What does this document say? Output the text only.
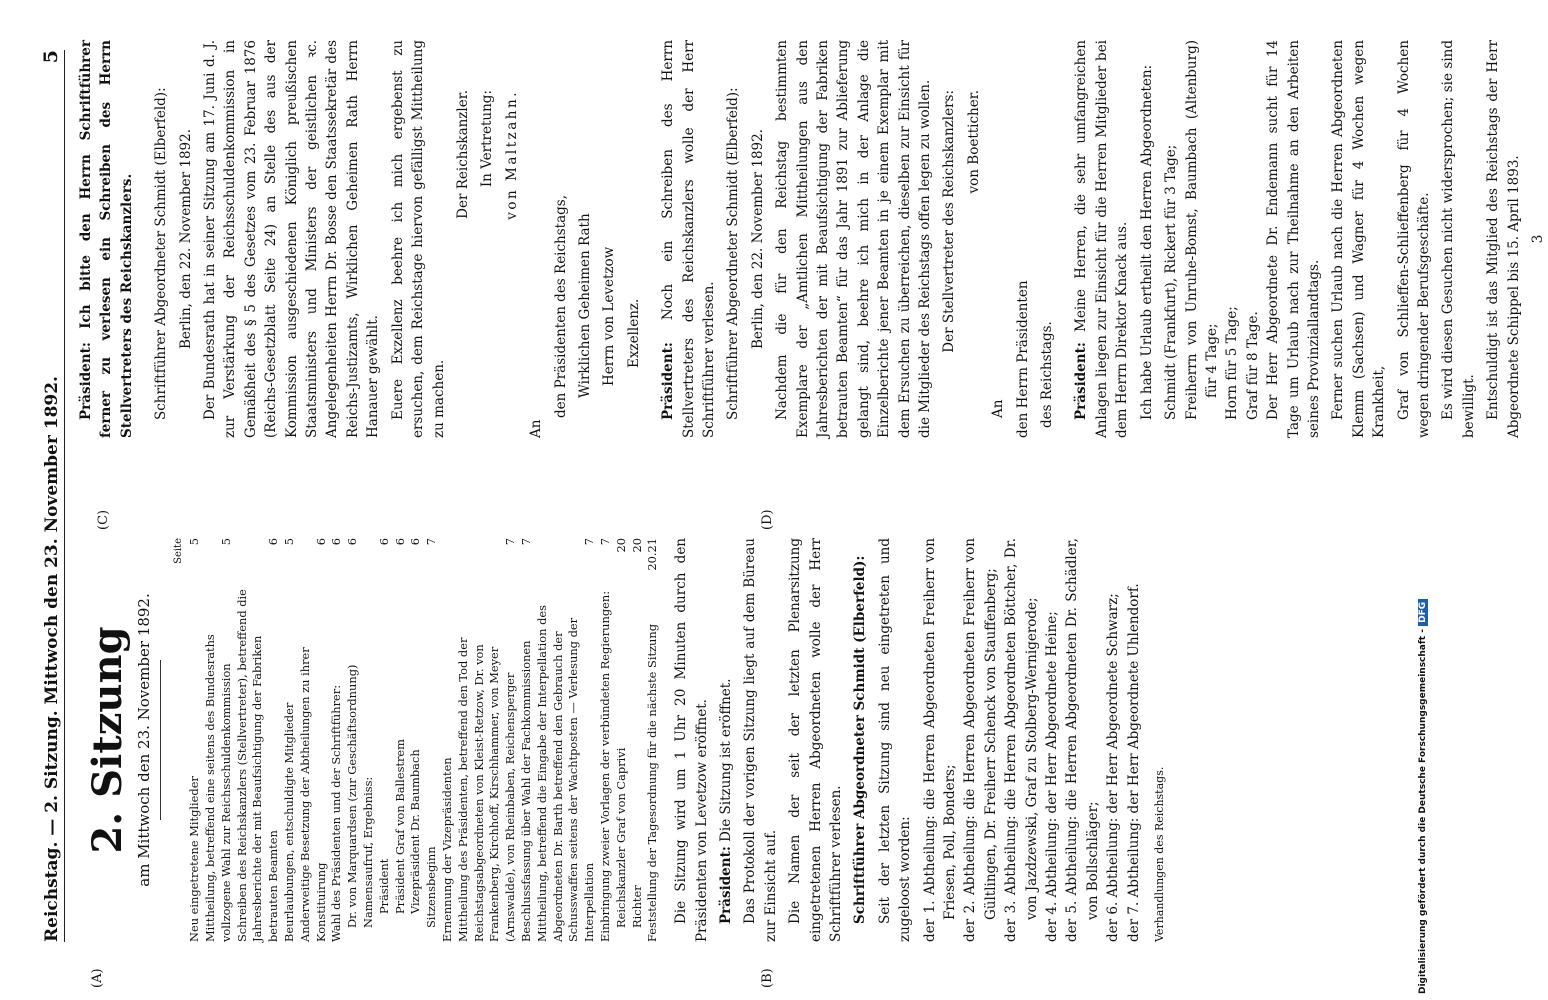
Reichstag. — 2. Sitzung. Mittwoch den 23. November 1892.
5
(A)	(B)
(C)	(D)
2. Sitzung am Mittwoch den 23. November 1892.
Seite
Neu eingetretene Mitglieder
5
Mittheilung, betreffend eine seitens des Bundesraths vollzogene Wahl zur Reichsschuldenkommission
5
Schreiben des Reichskanzlers (Stellvertreter), betreffend die Jahresberichte der mit Beaufsichtigung der Fabriken betrauten Beamten
6
Beurlaubungen, entschuldigte Mitglieder
5
Anderweitige Besetzung der Abtheilungen zu ihrer Konstituirung
6
Wahl des Präsidenten und der Schriftführer:
6
Dr. von Marquardsen (zur Geschäftsordnung)
6
Namensaufruf, Ergebniss: Präsident
6
Präsident Graf von Ballestrem
6
Vizepräsident Dr. Baumbach
6
Sitzensbeginn
7
Ernennung der Vizepräsidenten Mittheilung des Präsidenten, betreffend den Tod der Reichstagsabgeordneten von Kleist-Retzow, Dr. von Frankenberg, Kirchhoff, Kirschhammer, von Meyer (Arnswalde), von Rheinbaben, Reichensperger
7
Beschlussfassung über Wahl der Fachkommissionen
7
Mittheilung, betreffend die Eingabe der Interpellation des Abgeordneten Dr. Barth betreffend den Gebrauch der Schusswaffen seitens der Wachtposten — Verlesung der Interpellation
7
Einbringung zweier Vorlagen der verbündeten Regierungen:
7
Reichskanzler Graf von Caprivi
20
Richter
20
Feststellung der Tagesordnung für die nächste Sitzung
20.21 Die Sitzung wird um 1 Uhr 20 Minuten durch den Präsidenten von Levetzow eröffnet. Präsident: Die Sitzung ist eröffnet. Das Protokoll der vorigen Sitzung liegt auf dem Büreau zur Einsicht auf. Die Namen der seit der letzten Plenarsitzung eingetretenen Herren Abgeordneten wolle der Herr Schriftführer verlesen. Schriftführer Abgeordneter Schmidt (Elberfeld): Seit der letzten Sitzung sind neu eingetreten und zugeloost worden: der 1. Abtheilung: die Herren Abgeordneten Freiherr von Friesen, Poll, Bonders; der 2. Abtheilung: die Herren Abgeordneten Freiherr von Gültlingen, Dr. Freiherr Schenck von Stauffenberg; der 3. Abtheilung: die Herren Abgeordneten Böttcher, Dr. von Jazdzewski, Graf zu Stolberg-Wernigerode; der 4. Abtheilung: der Herr Abgeordnete Heine; der 5. Abtheilung: die Herren Abgeordneten Dr. Schädler, von Bollschläger; der 6. Abtheilung: der Herr Abgeordnete Schwarz; der 7. Abtheilung: der Herr Abgeordnete Uhlendorf. Verhandlungen des Reichstags.

Präsident: Ich bitte den Herrn Schriftführer ferner zu verlesen ein Schreiben des Herrn Stellvertreters des Reichskanzlers. Schriftführer Abgeordneter Schmidt (Elberfeld): Berlin, den 22. November 1892. Der Bundesrath hat in seiner Sitzung am 17. Juni d. J. zur Verstärkung der Reichsschuldenkommission in Gemäßheit des § 5 des Gesetzes vom 23. Februar 1876 (Reichs-Gesetzblatt Seite 24) an Stelle des aus der Kommission ausgeschiedenen Königlich preußischen Staatsministers und Ministers der geistlichen ꝛc. Angelegenheiten Herrn Dr. Bosse den Staatssekretär des Reichs-Justizamts, Wirklichen Geheimen Rath Herrn Hanauer gewählt. Euere Exzellenz beehre ich mich ergebenst zu ersuchen, dem Reichstage hiervon gefälligst Mittheilung zu machen.

Der Reichskanzler. In Vertretung: von Maltzahn.

An

den Präsidenten des Reichstags, Wirklichen Geheimen Rath Herrn von Levetzow Exzellenz.

Präsident: Noch ein Schreiben des Herrn Stellvertreters des Reichskanzlers wolle der Herr Schriftführer verlesen. Schriftführer Abgeordneter Schmidt (Elberfeld): Berlin, den 22. November 1892. Nachdem die für den Reichstag bestimmten Exemplare der „Amtlichen Mittheilungen aus den Jahresberichten der mit Beaufsichtigung der Fabriken betrauten Beamten“ für das Jahr 1891 zur Ablieferung gelangt sind, beehre ich mich in der Anlage die Einzelberichte jener Beamten in je einem Exemplar mit dem Ersuchen zu überreichen, dieselben zur Einsicht für die Mitglieder des Reichstags offen legen zu wollen. Der Stellvertreter des Reichskanzlers: von Boetticher.

An den Herrn Präsidenten des Reichstags. Präsident: Meine Herren, die sehr umfangreichen Anlagen liegen zur Einsicht für die Herren Mitglieder bei dem Herrn Direktor Knack aus. Ich habe Urlaub ertheilt den Herren Abgeordneten: Schmidt (Frankfurt), Rickert für 3 Tage; Freiherrn von Unruhe-Bomst, Baumbach (Altenburg) für 4 Tage; Horn für 5 Tage; Graf für 8 Tage. Der Herr Abgeordnete Dr. Endemann sucht für 14 Tage um Urlaub nach zur Theilnahme an den Arbeiten seines Provinziallandtags. Ferner suchen Urlaub nach die Herren Abgeordneten Klemm (Sachsen) und Wagner für 4 Wochen wegen Krankheit, Graf von Schlieffen-Schlieffenberg für 4 Wochen wegen dringender Berufsgeschäfte. Es wird diesen Gesuchen nicht widersprochen; sie sind bewilligt. Entschuldigt ist das Mitglied des Reichstags der Herr Abgeordnete Schippel bis 15. April 1893. 3

Digitalisierung gefördert durch die Deutsche Forschungsgemeinschaft - DFG
